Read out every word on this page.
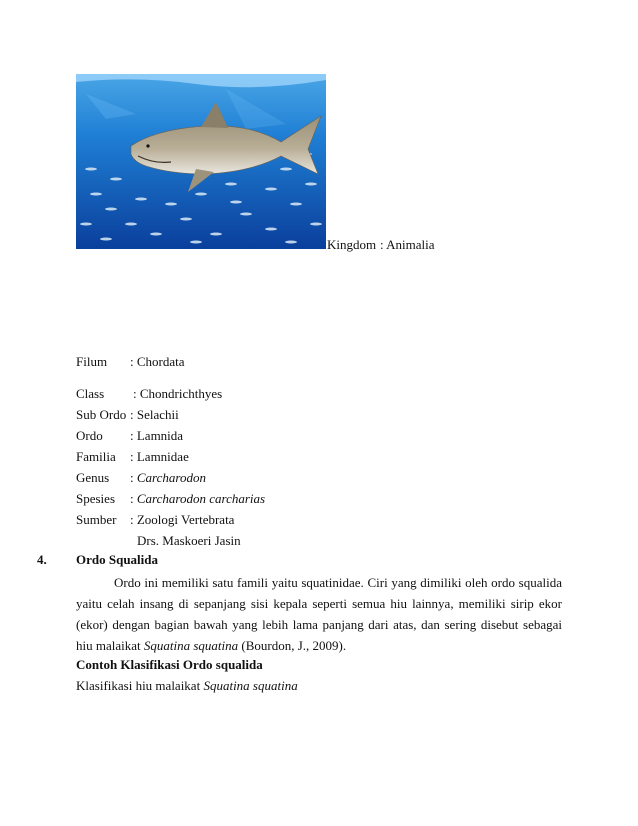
Kingdom : Animalia
Filum : Chordata
Class : Chondrichthyes
Sub Ordo : Selachii
Ordo : Lamnida
Familia : Lamnidae
Genus : Carcharodon
Spesies : Carcharodon carcharias
Sumber : Zoologi Vertebrata
Drs. Maskoeri Jasin
4. Ordo Squalida

Ordo ini memiliki satu famili yaitu squatinidae. Ciri yang dimiliki oleh ordo squalida yaitu celah insang di sepanjang sisi kepala seperti semua hiu lainnya, memiliki sirip ekor (ekor) dengan bagian bawah yang lebih lama panjang dari atas, dan sering disebut sebagai hiu malaikat Squatina squatina (Bourdon, J., 2009).

Contoh Klasifikasi Ordo squalida
Klasifikasi hiu malaikat Squatina squatina
